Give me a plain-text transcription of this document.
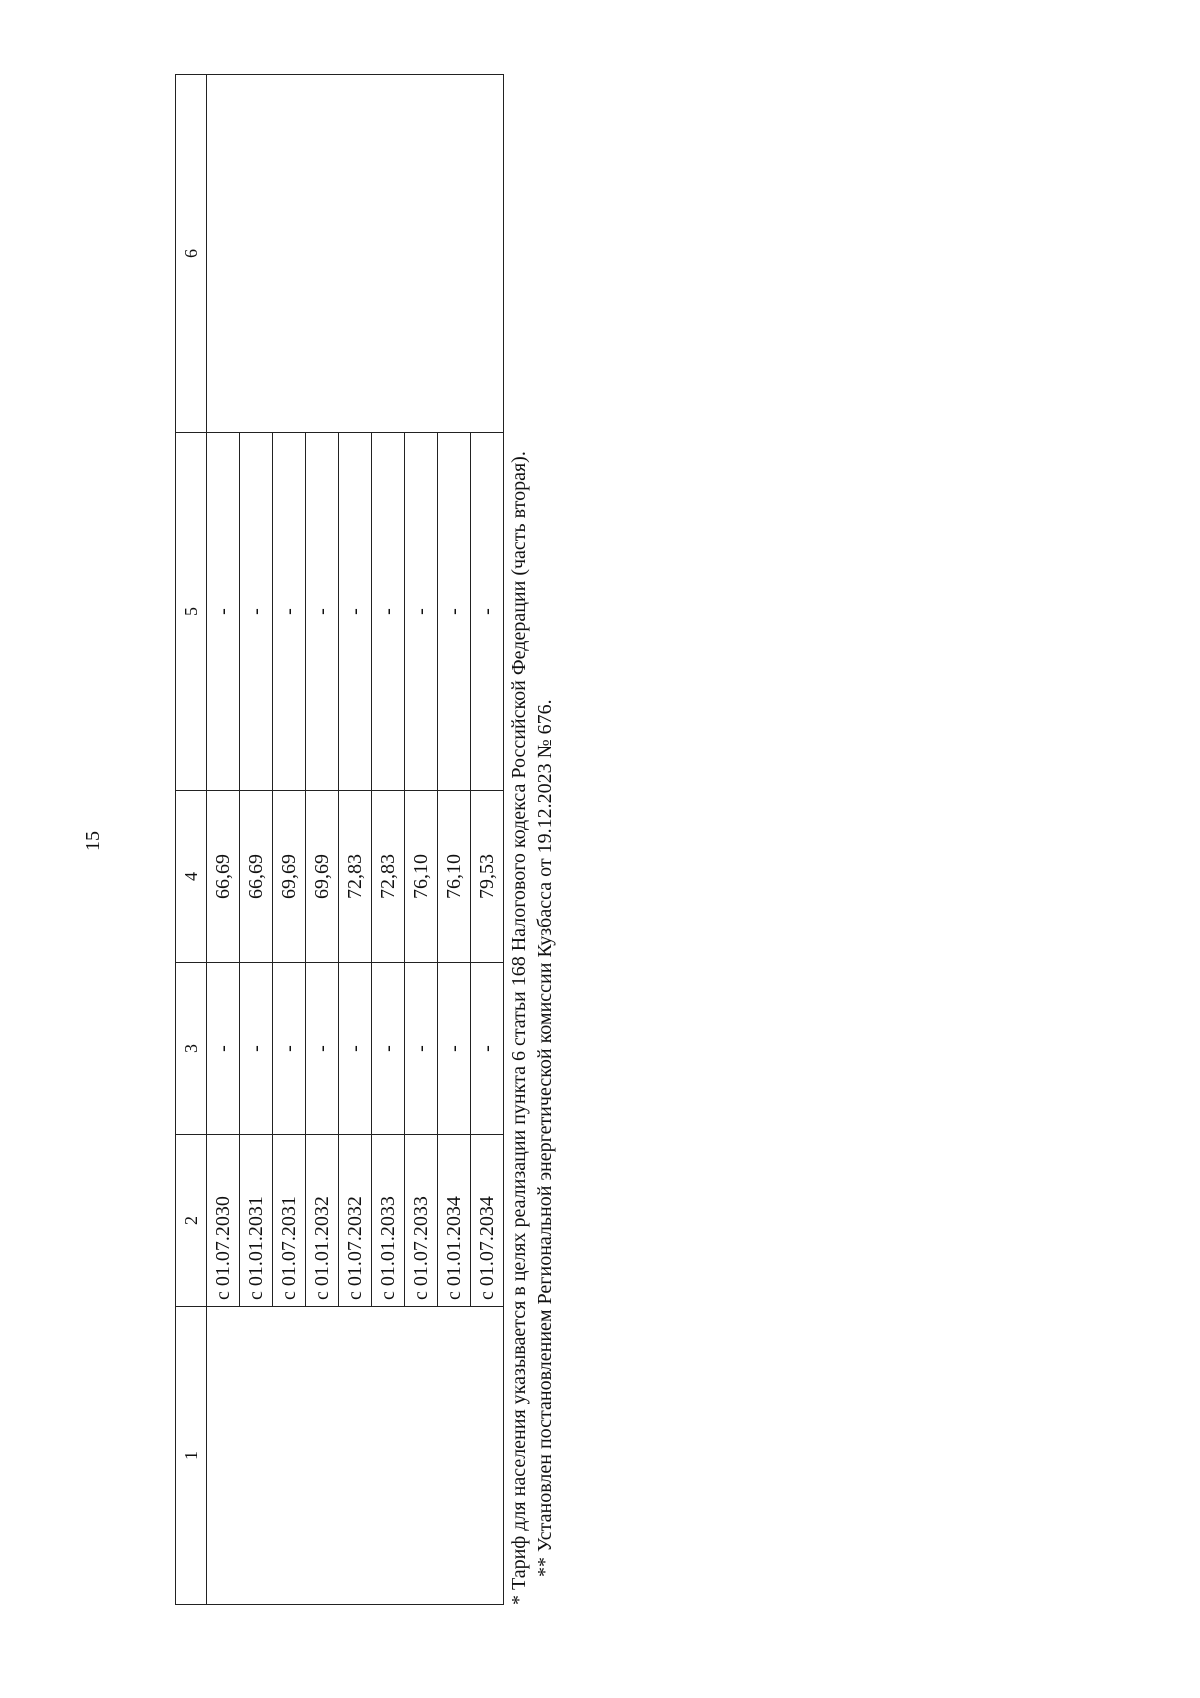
15
1	2	3	4	5	6
	с 01.07.2030	-	66,69	-	
	с 01.01.2031	-	66,69	-	
	с 01.07.2031	-	69,69	-	
	с 01.01.2032	-	69,69	-	
	с 01.07.2032	-	72,83	-	
	с 01.01.2033	-	72,83	-	
	с 01.07.2033	-	76,10	-	
	с 01.01.2034	-	76,10	-	
	с 01.07.2034	-	79,53	-	* Тариф для населения указывается в целях реализации пункта 6 статьи 168 Налогового кодекса Российской Федерации (часть вторая). ** Установлен постановлением Региональной энергетической комиссии Кузбасса от 19.12.2023 № 676.
